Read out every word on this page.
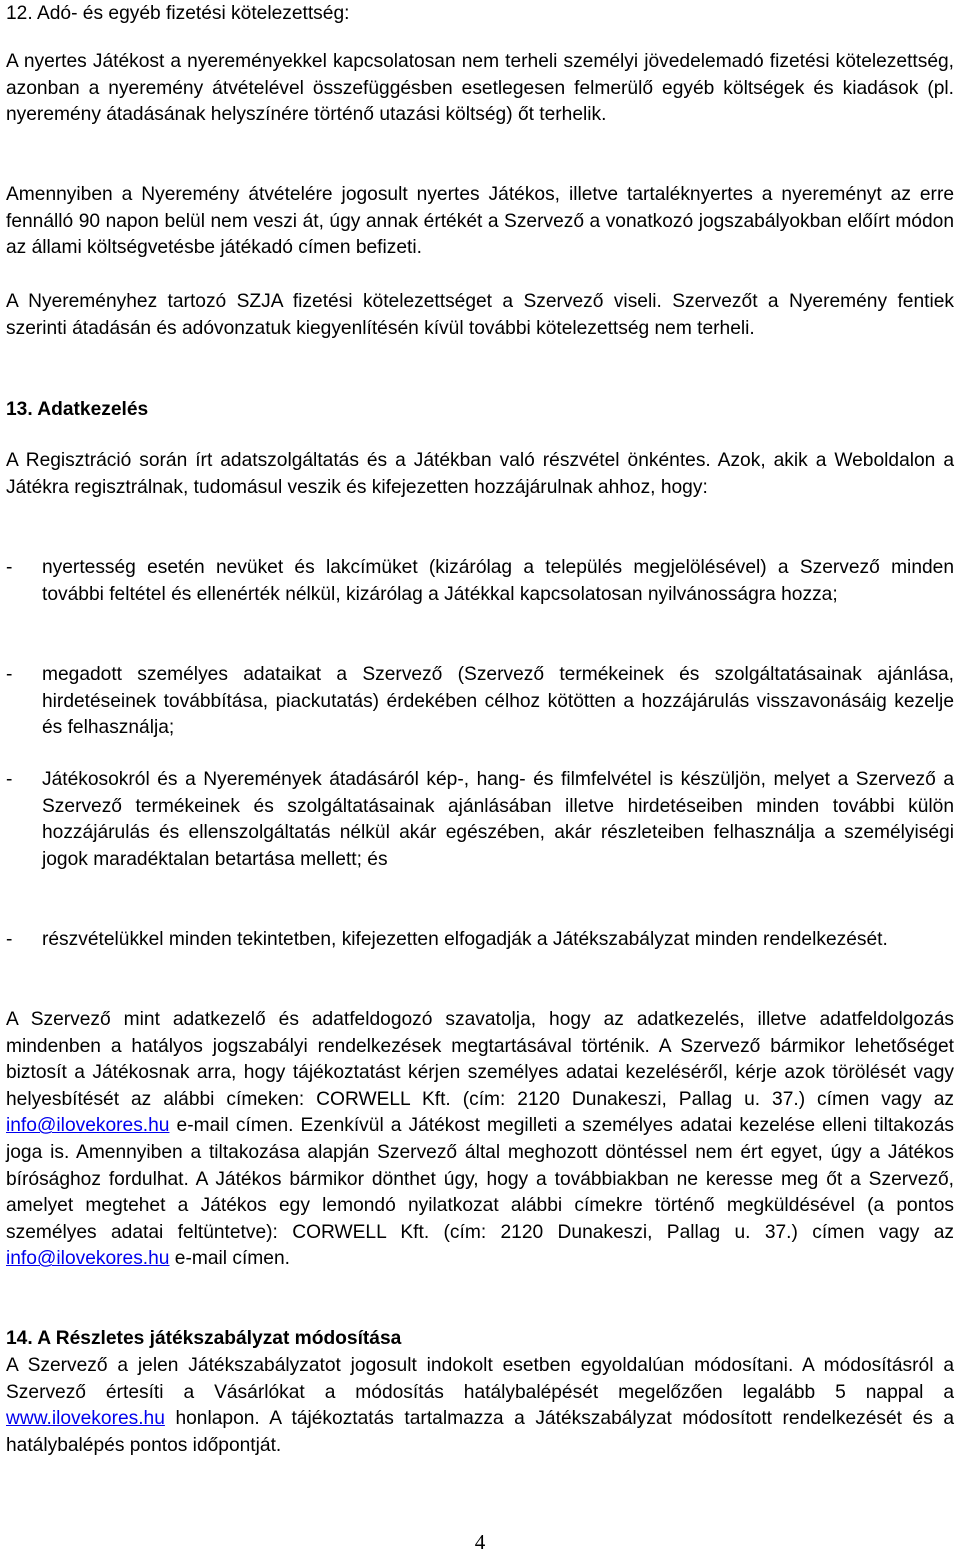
12. Adó- és egyéb fizetési kötelezettség:

A nyertes Játékost a nyereményekkel kapcsolatosan nem terheli személyi jövedelemadó fizetési kötelezettség, azonban a nyeremény átvételével összefüggésben esetlegesen felmerülő egyéb költségek és kiadások (pl. nyeremény átadásának helyszínére történő utazási költség) őt terhelik.

Amennyiben a Nyeremény átvételére jogosult nyertes Játékos, illetve tartaléknyertes a nyereményt az erre fennálló 90 napon belül nem veszi át, úgy annak értékét a Szervező a vonatkozó jogszabályokban előírt módon az állami költségvetésbe játékadó címen befizeti.

A Nyereményhez tartozó SZJA fizetési kötelezettséget a Szervező viseli. Szervezőt a Nyeremény fentiek szerinti átadásán és adóvonzatuk kiegyenlítésén kívül további kötelezettség nem terheli.

13. Adatkezelés

A Regisztráció során írt adatszolgáltatás és a Játékban való részvétel önkéntes. Azok, akik a Weboldalon a Játékra regisztrálnak, tudomásul veszik és kifejezetten hozzájárulnak ahhoz, hogy:

- nyertesség esetén nevüket és lakcímüket (kizárólag a település megjelölésével) a Szervező minden további feltétel és ellenérték nélkül, kizárólag a Játékkal kapcsolatosan nyilvánosságra hozza;

- megadott személyes adataikat a Szervező (Szervező termékeinek és szolgáltatásainak ajánlása, hirdetéseinek továbbítása, piackutatás) érdekében célhoz kötötten a hozzájárulás visszavonásáig kezelje és felhasználja;

- Játékosokról és a Nyeremények átadásáról kép-, hang- és filmfelvétel is készüljön, melyet a Szervező a Szervező termékeinek és szolgáltatásainak ajánlásában illetve hirdetéseiben minden további külön hozzájárulás és ellenszolgáltatás nélkül akár egészében, akár részleteiben felhasználja a személyiségi jogok maradéktalan betartása mellett; és

- részvételükkel minden tekintetben, kifejezetten elfogadják a Játékszabályzat minden rendelkezését.

A Szervező mint adatkezelő és adatfeldogozó szavatolja, hogy az adatkezelés, illetve adatfeldolgozás mindenben a hatályos jogszabályi rendelkezések megtartásával történik. A Szervező bármikor lehetőséget biztosít a Játékosnak arra, hogy tájékoztatást kérjen személyes adatai kezeléséről, kérje azok törölését vagy helyesbítését az alábbi címeken: CORWELL Kft. (cím: 2120 Dunakeszi, Pallag u. 37.) címen vagy az info@ilovekores.hu e-mail címen. Ezenkívül a Játékost megilleti a személyes adatai kezelése elleni tiltakozás joga is. Amennyiben a tiltakozása alapján Szervező által meghozott döntéssel nem ért egyet, úgy a Játékos bírósághoz fordulhat. A Játékos bármikor dönthet úgy, hogy a továbbiakban ne keresse meg őt a Szervező, amelyet megtehet a Játékos egy lemondó nyilatkozat alábbi címekre történő megküldésével (a pontos személyes adatai feltüntetve): CORWELL Kft. (cím: 2120 Dunakeszi, Pallag u. 37.) címen vagy az info@ilovekores.hu e-mail címen.

14. A Részletes játékszabályzat módosítása

A Szervező a jelen Játékszabályzatot jogosult indokolt esetben egyoldalúan módosítani. A módosításról a Szervező értesíti a Vásárlókat a módosítás hatálybalépését megelőzően legalább 5 nappal a www.ilovekores.hu honlapon. A tájékoztatás tartalmazza a Játékszabályzat módosított rendelkezését és a hatálybalépés pontos időpontját.

4
